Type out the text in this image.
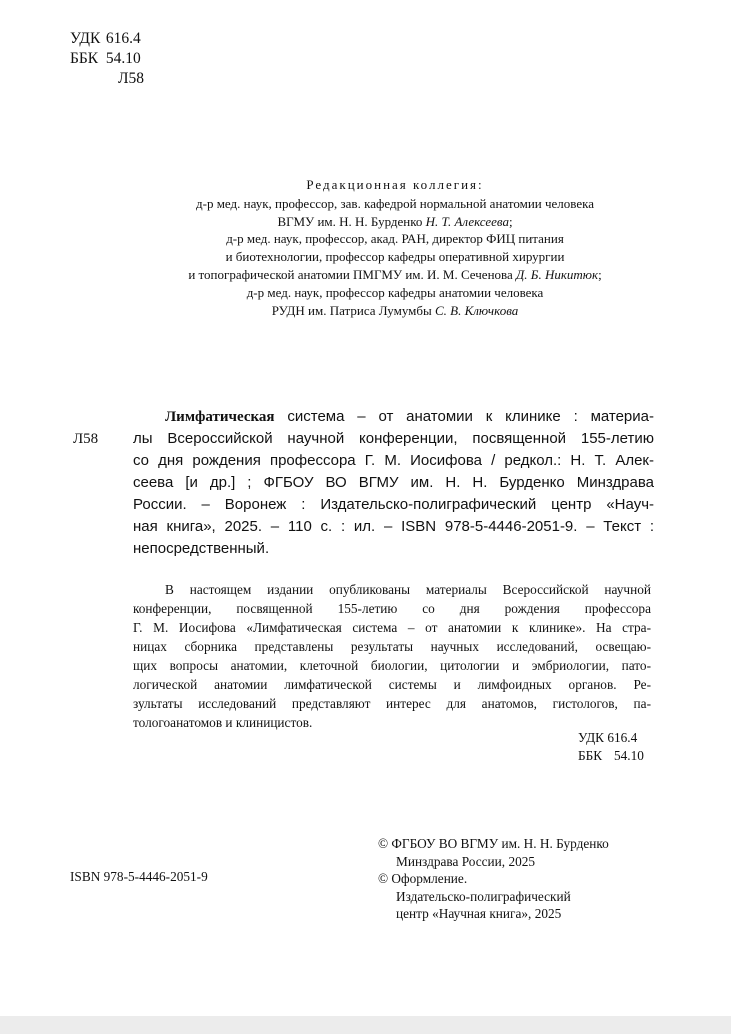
УДК 616.4
ББК 54.10
Л58
Редакционная коллегия:
д-р мед. наук, профессор, зав. кафедрой нормальной анатомии человека
ВГМУ им. Н. Н. Бурденко Н. Т. Алексеева;
д-р мед. наук, профессор, акад. РАН, директор ФИЦ питания
и биотехнологии, профессор кафедры оперативной хирургии
и топографической анатомии ПМГМУ им. И. М. Сеченова Д. Б. Никитюк;
д-р мед. наук, профессор кафедры анатомии человека
РУДН им. Патриса Лумумбы С. В. Ключкова
Л58
Лимфатическая система – от анатомии к клинике : материа-
лы Всероссийской научной конференции, посвященной 155-летию
со дня рождения профессора Г. М. Иосифова / редкол.: Н. Т. Алек-
сеева [и др.] ; ФГБОУ ВО ВГМУ им. Н. Н. Бурденко Минздрава
России. – Воронеж : Издательско-полиграфический центр «Науч-
ная книга», 2025. – 110 с. : ил. – ISBN 978-5-4446-2051-9. – Текст :
непосредственный.
В настоящем издании опубликованы материалы Всероссийской научной
конференции, посвященной 155-летию со дня рождения профессора
Г. М. Иосифова «Лимфатическая система – от анатомии к клинике». На стра-
ницах сборника представлены результаты научных исследований, освещаю-
щих вопросы анатомии, клеточной биологии, цитологии и эмбриологии, пато-
логической анатомии лимфатической системы и лимфоидных органов. Ре-
зультаты исследований представляют интерес для анатомов, гистологов, па-
тологоанатомов и клиницистов.
УДК 616.4
ББК 54.10
ISBN 978-5-4446-2051-9
© ФГБОУ ВО ВГМУ им. Н. Н. Бурденко
Минздрава России, 2025
© Оформление.
Издательско-полиграфический
центр «Научная книга», 2025
